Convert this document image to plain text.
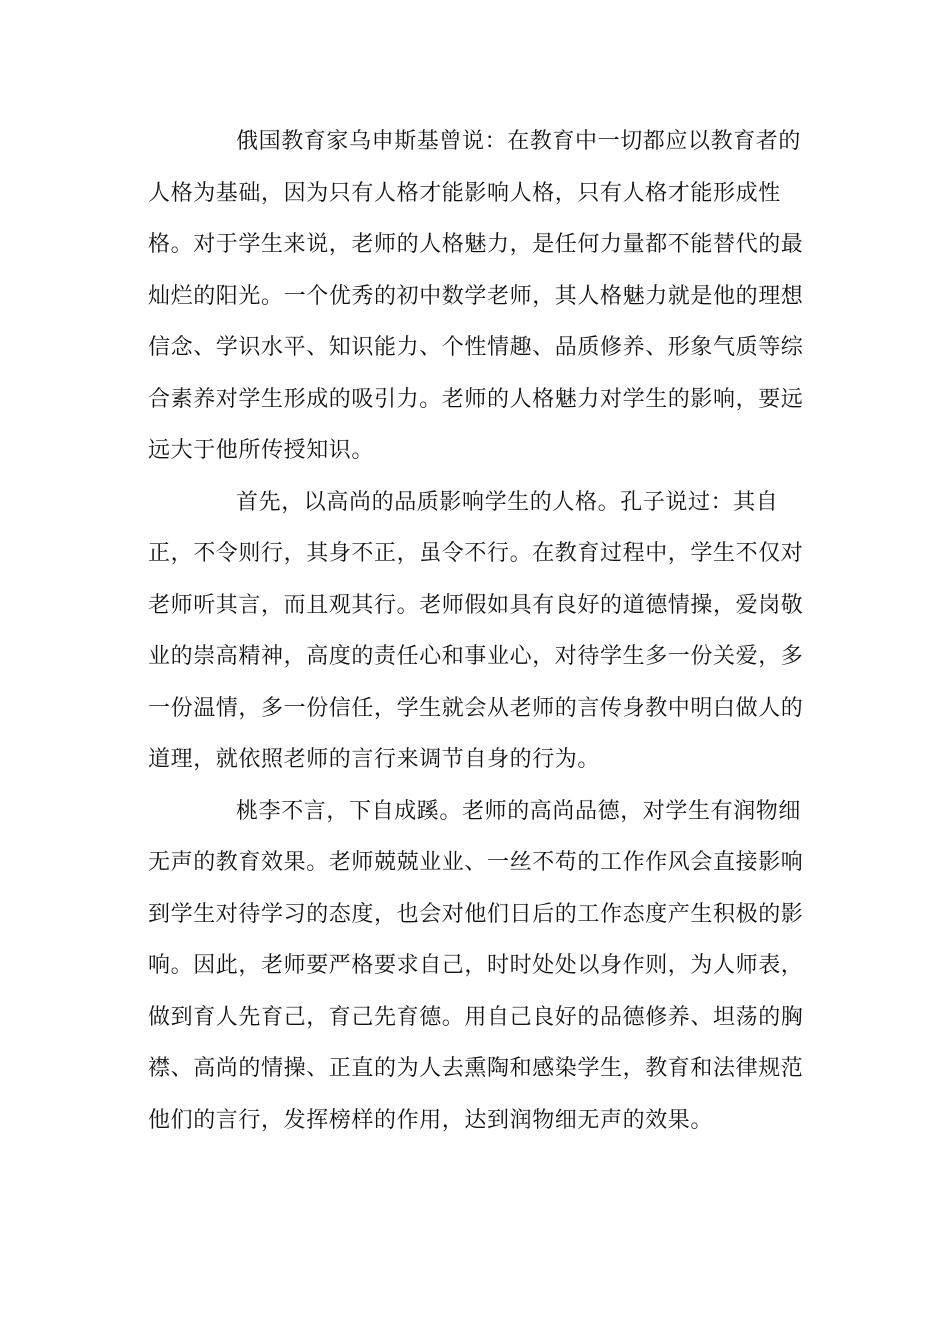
俄国教育家乌申斯基曾说：在教育中一切都应以教育者的
人格为基础，因为只有人格才能影响人格，只有人格才能形成性
格。对于学生来说，老师的人格魅力，是任何力量都不能替代的最
灿烂的阳光。一个优秀的初中数学老师，其人格魅力就是他的理想
信念、学识水平、知识能力、个性情趣、品质修养、形象气质等综
合素养对学生形成的吸引力。老师的人格魅力对学生的影响，要远
远大于他所传授知识。
首先，以高尚的品质影响学生的人格。孔子说过：其自
正，不令则行，其身不正，虽令不行。在教育过程中，学生不仅对
老师听其言，而且观其行。老师假如具有良好的道德情操，爱岗敬
业的崇高精神，高度的责任心和事业心，对待学生多一份关爱，多
一份温情，多一份信任，学生就会从老师的言传身教中明白做人的
道理，就依照老师的言行来调节自身的行为。
桃李不言，下自成蹊。老师的高尚品德，对学生有润物细
无声的教育效果。老师兢兢业业、一丝不苟的工作作风会直接影响
到学生对待学习的态度，也会对他们日后的工作态度产生积极的影
响。因此，老师要严格要求自己，时时处处以身作则，为人师表，
做到育人先育己，育己先育德。用自己良好的品德修养、坦荡的胸
襟、高尚的情操、正直的为人去熏陶和感染学生，教育和法律规范
他们的言行，发挥榜样的作用，达到润物细无声的效果。
